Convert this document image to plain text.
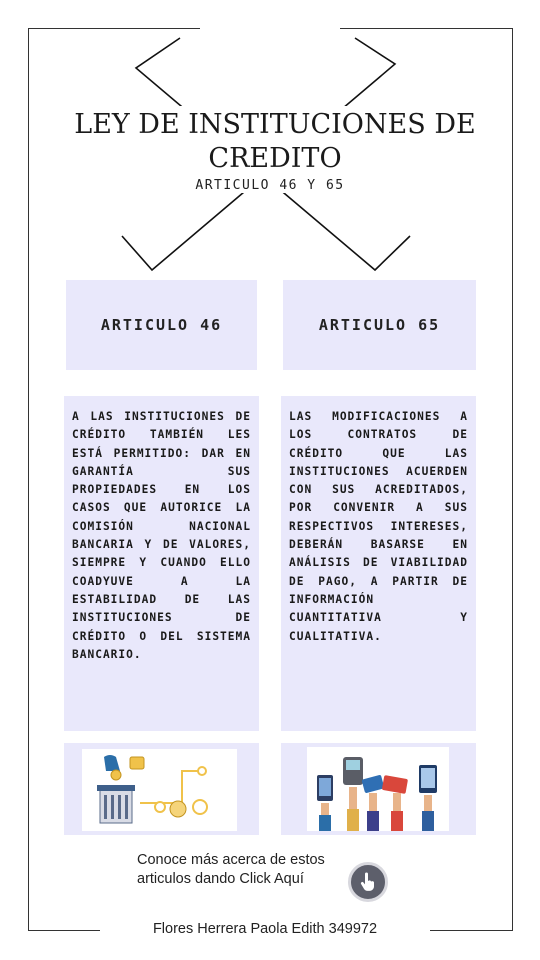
LEY DE INSTITUCIONES DE
CREDITO
ARTICULO 46 Y 65
ARTICULO 46	ARTICULO 65
A LAS INSTITUCIONES DE CRÉDITO TAMBIÉN LES ESTÁ PERMITIDO: DAR EN GARANTÍA SUS PROPIEDADES EN LOS CASOS QUE AUTORICE LA COMISIÓN NACIONAL BANCARIA Y DE VALORES, SIEMPRE Y CUANDO ELLO COADYUVE A LA ESTABILIDAD DE LAS INSTITUCIONES DE CRÉDITO O DEL SISTEMA BANCARIO.
LAS MODIFICACIONES A LOS CONTRATOS DE CRÉDITO QUE LAS INSTITUCIONES ACUERDEN CON SUS ACREDITADOS, POR CONVENIR A SUS RESPECTIVOS INTERESES, DEBERÁN BASARSE EN ANÁLISIS DE VIABILIDAD DE PAGO, A PARTIR DE INFORMACIÓN CUANTITATIVA Y CUALITATIVA.
Conoce más acerca de estos
articulos dando Click Aquí
Flores Herrera Paola Edith 349972
